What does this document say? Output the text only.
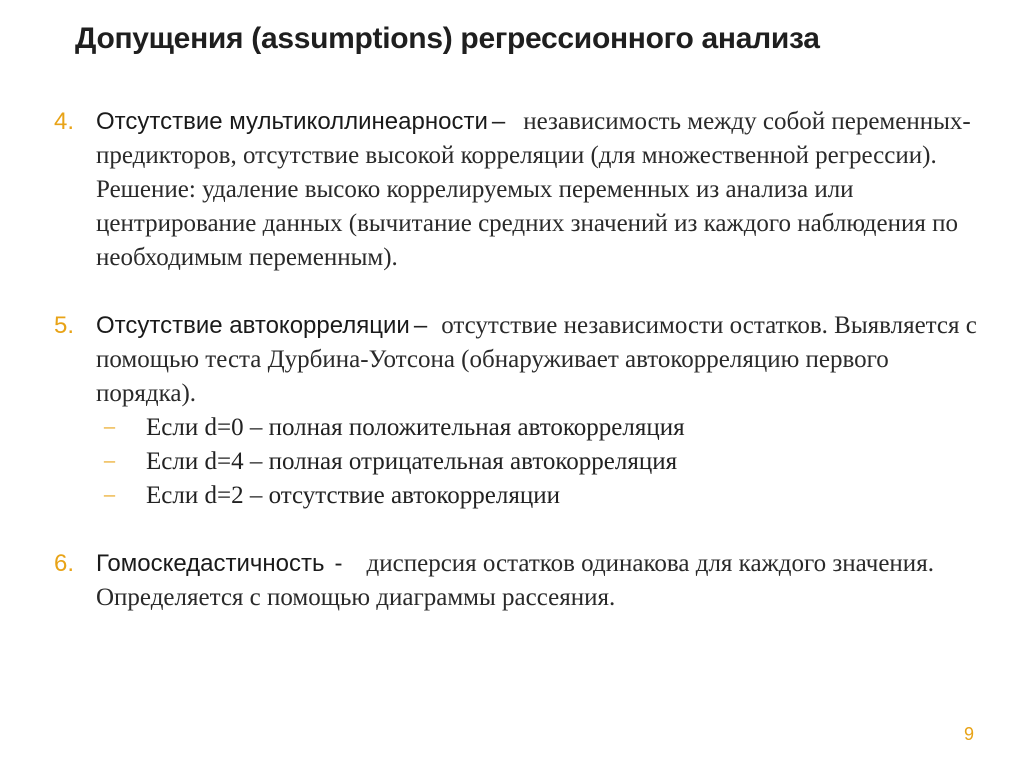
Допущения (assumptions) регрессионного анализа
4. Отсутствие мультиколлинеарности – независимость между собой переменных-предикторов, отсутствие высокой корреляции (для множественной регрессии). Решение: удаление высоко коррелируемых переменных из анализа или центрирование данных (вычитание средних значений из каждого наблюдения по необходимым переменным).
5. Отсутствие автокорреляции – отсутствие независимости остатков. Выявляется с помощью теста Дурбина-Уотсона (обнаруживает автокорреляцию первого порядка).
– Если d=0 – полная положительная автокорреляция
– Если d=4 – полная отрицательная автокорреляция
– Если d=2 – отсутствие автокорреляции
6. Гомоскедастичность - дисперсия остатков одинакова для каждого значения. Определяется с помощью диаграммы рассеяния.
9
